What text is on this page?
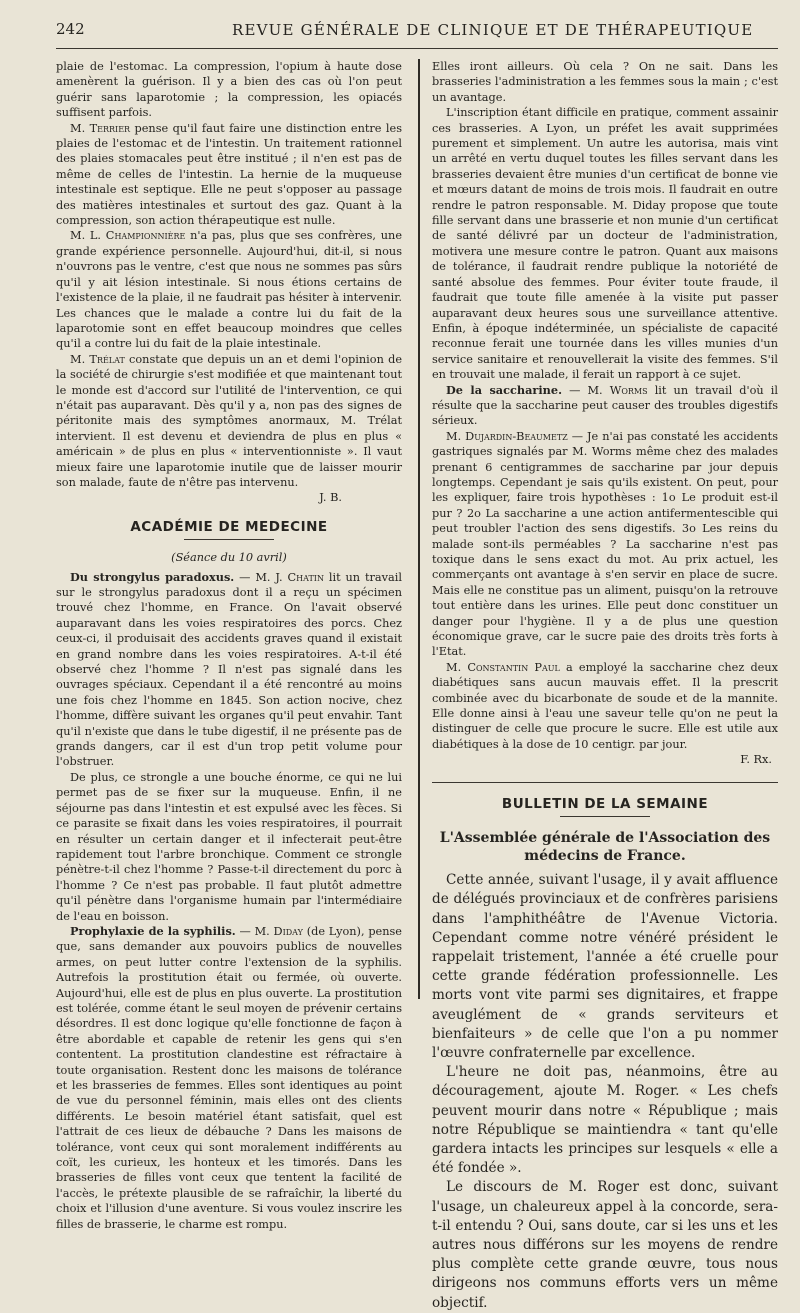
242	REVUE GÉNÉRALE DE CLINIQUE ET DE THÉRAPEUTIQUE

plaie de l'estomac. La compression, l'opium à haute dose amenèrent la guérison. Il y a bien des cas où l'on peut guérir sans laparotomie ; la compression, les opiacés suffisent parfois.

M. Terrier pense qu'il faut faire une distinction entre les plaies de l'estomac et de l'intestin. Un traitement rationnel des plaies stomacales peut être institué ; il n'en est pas de même de celles de l'intestin. La hernie de la muqueuse intestinale est septique. Elle ne peut s'opposer au passage des matières intestinales et surtout des gaz. Quant à la compression, son action thérapeutique est nulle.

M. L. Championnière n'a pas, plus que ses confrères, une grande expérience personnelle. Aujourd'hui, dit-il, si nous n'ouvrons pas le ventre, c'est que nous ne sommes pas sûrs qu'il y ait lésion intestinale. Si nous étions certains de l'existence de la plaie, il ne faudrait pas hésiter à intervenir. Les chances que le malade a contre lui du fait de la laparotomie sont en effet beaucoup moindres que celles qu'il a contre lui du fait de la plaie intestinale.

M. Trélat constate que depuis un an et demi l'opinion de la société de chirurgie s'est modifiée et que maintenant tout le monde est d'accord sur l'utilité de l'intervention, ce qui n'était pas auparavant. Dès qu'il y a, non pas des signes de péritonite mais des symptômes anormaux, M. Trélat intervient. Il est devenu et deviendra de plus en plus « américain » de plus en plus « interventionniste ». Il vaut mieux faire une laparotomie inutile que de laisser mourir son malade, faute de n'être pas intervenu.

J. B.

ACADÉMIE DE MEDECINE

(Séance du 10 avril)

Du strongylus paradoxus. — M. J. Chatin lit un travail sur le strongylus paradoxus dont il a reçu un spécimen trouvé chez l'homme, en France. On l'avait observé auparavant dans les voies respiratoires des porcs. Chez ceux-ci, il produisait des accidents graves quand il existait en grand nombre dans les voies respiratoires. A-t-il été observé chez l'homme ? Il n'est pas signalé dans les ouvrages spéciaux. Cependant il a été rencontré au moins une fois chez l'homme en 1845. Son action nocive, chez l'homme, diffère suivant les organes qu'il peut envahir. Tant qu'il n'existe que dans le tube digestif, il ne présente pas de grands dangers, car il est d'un trop petit volume pour l'obstruer.

De plus, ce strongle a une bouche énorme, ce qui ne lui permet pas de se fixer sur la muqueuse. Enfin, il ne séjourne pas dans l'intestin et est expulsé avec les fèces. Si ce parasite se fixait dans les voies respiratoires, il pourrait en résulter un certain danger et il infecterait peut-être rapidement tout l'arbre bronchique. Comment ce strongle pénètre-t-il chez l'homme ? Passe-t-il directement du porc à l'homme ? Ce n'est pas probable. Il faut plutôt admettre qu'il pénètre dans l'organisme humain par l'intermédiaire de l'eau en boisson.

Prophylaxie de la syphilis. — M. Diday (de Lyon), pense que, sans demander aux pouvoirs publics de nouvelles armes, on peut lutter contre l'extension de la syphilis. Autrefois la prostitution était ou fermée, où ouverte. Aujourd'hui, elle est de plus en plus ouverte. La prostitution est tolérée, comme étant le seul moyen de prévenir certains désordres. Il est donc logique qu'elle fonctionne de façon à être abordable et capable de retenir les gens qui s'en contentent. La prostitution clandestine est réfractaire à toute organisation. Restent donc les maisons de tolérance et les brasseries de femmes. Elles sont identiques au point de vue du personnel féminin, mais elles ont des clients différents. Le besoin matériel étant satisfait, quel est l'attrait de ces lieux de débauche ? Dans les maisons de tolérance, vont ceux qui sont moralement indifférents au coït, les curieux, les honteux et les timorés. Dans les brasseries de filles vont ceux que tentent la facilité de l'accès, le prétexte plausible de se rafraîchir, la liberté du choix et l'illusion d'une aventure. Si vous voulez inscrire les filles de brasserie, le charme est rompu.

Elles iront ailleurs. Où cela ? On ne sait. Dans les brasseries l'administration a les femmes sous la main ; c'est un avantage.

L'inscription étant difficile en pratique, comment assainir ces brasseries. A Lyon, un préfet les avait supprimées purement et simplement. Un autre les autorisa, mais vint un arrêté en vertu duquel toutes les filles servant dans les brasseries devaient être munies d'un certificat de bonne vie et mœurs datant de moins de trois mois. Il faudrait en outre rendre le patron responsable. M. Diday propose que toute fille servant dans une brasserie et non munie d'un certificat de santé délivré par un docteur de l'administration, motivera une mesure contre le patron. Quant aux maisons de tolérance, il faudrait rendre publique la notoriété de santé absolue des femmes. Pour éviter toute fraude, il faudrait que toute fille amenée à la visite put passer auparavant deux heures sous une surveillance attentive. Enfin, à époque indéterminée, un spécialiste de capacité reconnue ferait une tournée dans les villes munies d'un service sanitaire et renouvellerait la visite des femmes. S'il en trouvait une malade, il ferait un rapport à ce sujet.

De la saccharine. — M. Worms lit un travail d'où il résulte que la saccharine peut causer des troubles digestifs sérieux.

M. Dujardin-Beaumetz — Je n'ai pas constaté les accidents gastriques signalés par M. Worms même chez des malades prenant 6 centigrammes de saccharine par jour depuis longtemps. Cependant je sais qu'ils existent. On peut, pour les expliquer, faire trois hypothèses : 1o Le produit est-il pur ? 2o La saccharine a une action antifermentescible qui peut troubler l'action des sens digestifs. 3o Les reins du malade sont-ils perméables ? La saccharine n'est pas toxique dans le sens exact du mot. Au prix actuel, les commerçants ont avantage à s'en servir en place de sucre. Mais elle ne constitue pas un aliment, puisqu'on la retrouve tout entière dans les urines. Elle peut donc constituer un danger pour l'hygiène. Il y a de plus une question économique grave, car le sucre paie des droits très forts à l'Etat.

M. Constantin Paul a employé la saccharine chez deux diabétiques sans aucun mauvais effet. Il la prescrit combinée avec du bicarbonate de soude et de la mannite. Elle donne ainsi à l'eau une saveur telle qu'on ne peut la distinguer de celle que procure le sucre. Elle est utile aux diabétiques à la dose de 10 centigr. par jour.

F. Rx.

BULLETIN DE LA SEMAINE

L'Assemblée générale de l'Association des médecins de France.

Cette année, suivant l'usage, il y avait affluence de délégués provinciaux et de confrères parisiens dans l'amphithéâtre de l'Avenue Victoria. Cependant comme notre vénéré président le rappelait tristement, l'année a été cruelle pour cette grande fédération professionnelle. Les morts vont vite parmi ses dignitaires, et frappe aveuglément de « grands serviteurs et bienfaiteurs » de celle que l'on a pu nommer l'œuvre confraternelle par excellence.

L'heure ne doit pas, néanmoins, être au découragement, ajoute M. Roger. « Les chefs peuvent mourir dans notre « République ; mais notre République se maintiendra « tant qu'elle gardera intacts les principes sur lesquels « elle a été fondée ».

Le discours de M. Roger est donc, suivant l'usage, un chaleureux appel à la concorde, sera-t-il entendu ? Oui, sans doute, car si les uns et les autres nous différons sur les moyens de rendre plus complète cette grande œuvre, tous nous dirigeons nos communs efforts vers un même objectif.
